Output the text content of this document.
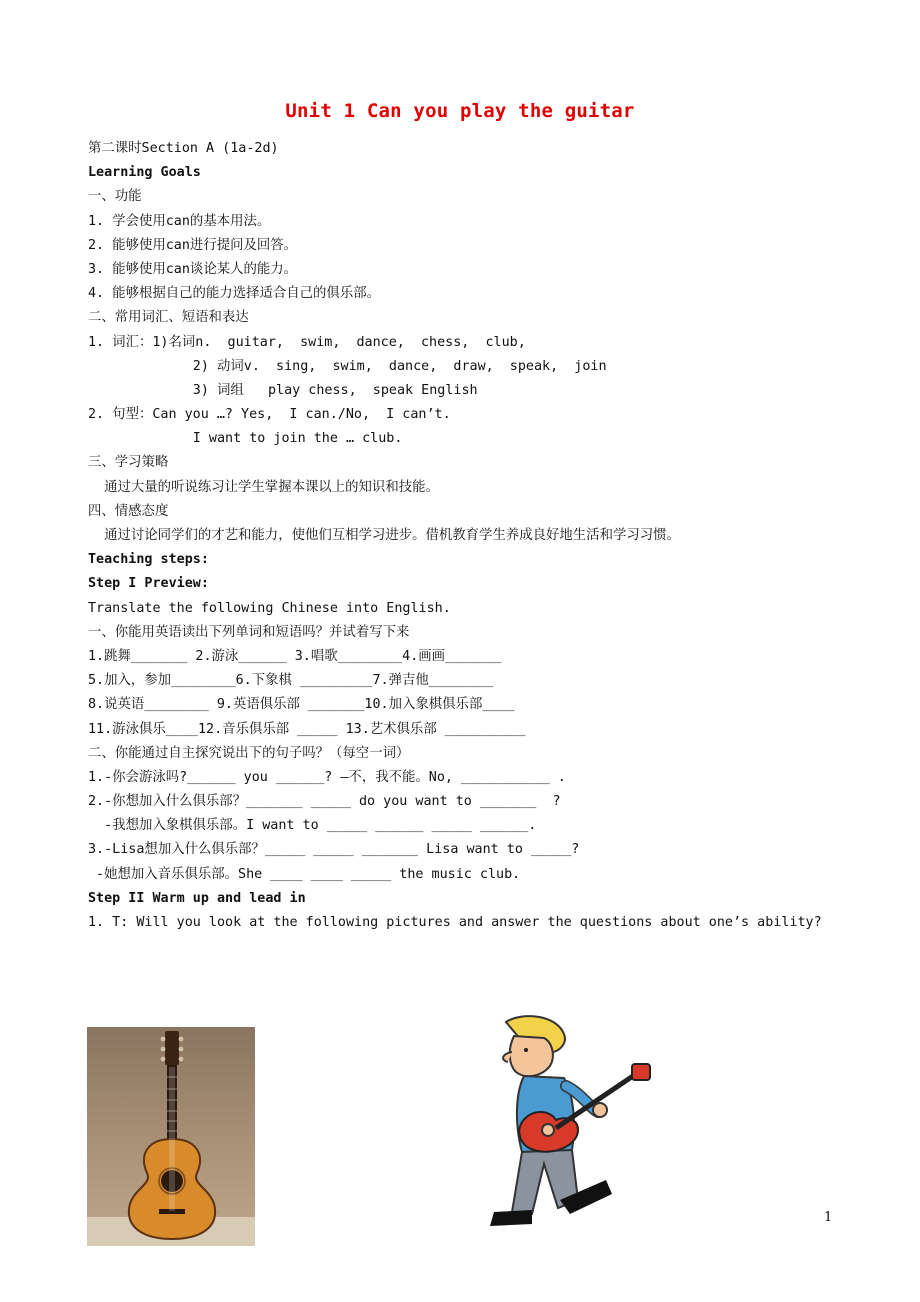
Unit 1 Can you play the guitar
第二课时Section A (1a-2d)
Learning Goals
一、功能
1. 学会使用can的基本用法。
2. 能够使用can进行提问及回答。
3. 能够使用can谈论某人的能力。
4. 能够根据自己的能力选择适合自己的俱乐部。
二、常用词汇、短语和表达
1. 词汇：1)名词n.  guitar,  swim,  dance,  chess,  club,
2) 动词v.  sing,  swim,  dance,  draw,  speak,  join
3) 词组   play chess,  speak English
2. 句型：Can you …? Yes,  I can./No,  I can’t.
I want to join the … club.
三、学习策略
通过大量的听说练习让学生掌握本课以上的知识和技能。
四、情感态度
通过讨论同学们的才艺和能力，使他们互相学习进步。借机教育学生养成良好地生活和学习习惯。
Teaching steps:
Step I Preview:
Translate the following Chinese into English.
一、你能用英语读出下列单词和短语吗？并试着写下来
1.跳舞_______ 2.游泳______ 3.唱歌________4.画画_______
5.加入，参加________6.下象棋 _________7.弹吉他________
8.说英语________ 9.英语俱乐部 _______10.加入象棋俱乐部____
11.游泳俱乐____12.音乐俱乐部 _____ 13.艺术俱乐部 __________
二、你能通过自主探究说出下的句子吗？（每空一词）
1.-你会游泳吗?______ you ______? –不，我不能。No, ___________ .
2.-你想加入什么俱乐部？_______ _____ do you want to _______  ?
-我想加入象棋俱乐部。I want to _____ ______ _____ ______.
3.-Lisa想加入什么俱乐部？_____ _____ _______ Lisa want to _____?
-她想加入音乐俱乐部。She ____ ____ _____ the music club.
Step II Warm up and lead in
1. T: Will you look at the following pictures and answer the questions about one’s ability?
1
